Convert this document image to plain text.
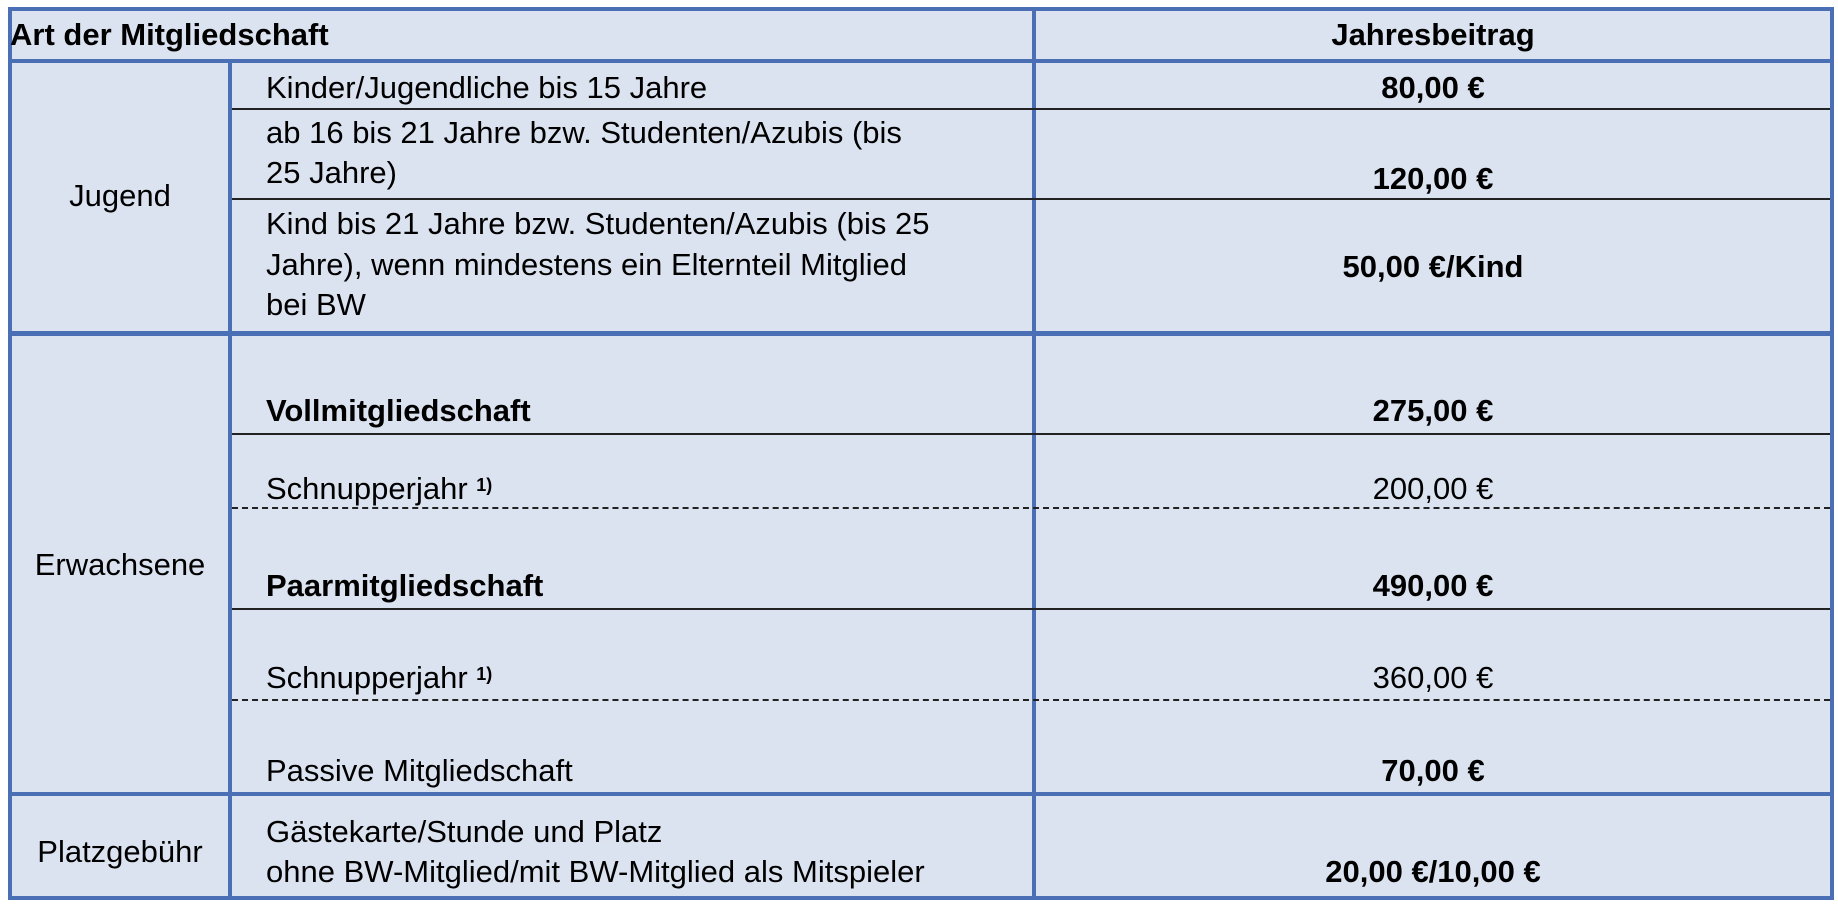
Art der Mitgliedschaft	Jahresbeitrag
Jugend
Kinder/Jugendliche bis 15 Jahre	80,00 €
ab 16 bis 21 Jahre bzw. Studenten/Azubis (bis
25 Jahre)	120,00 €
Kind bis 21 Jahre bzw. Studenten/Azubis (bis 25
Jahre), wenn mindestens ein Elternteil Mitglied
bei BW
50,00 €/Kind
Erwachsene
Vollmitgliedschaft	275,00 €
Schnupperjahr $^{1)}$	200,00 €
Paarmitgliedschaft	490,00 €
Schnupperjahr $^{1)}$	360,00 €
Passive Mitgliedschaft	70,00 €
Platzgebühr
Gästekarte/Stunde und Platz
ohne BW-Mitglied/mit BW-Mitglied als Mitspieler	20,00 €/10,00 €
